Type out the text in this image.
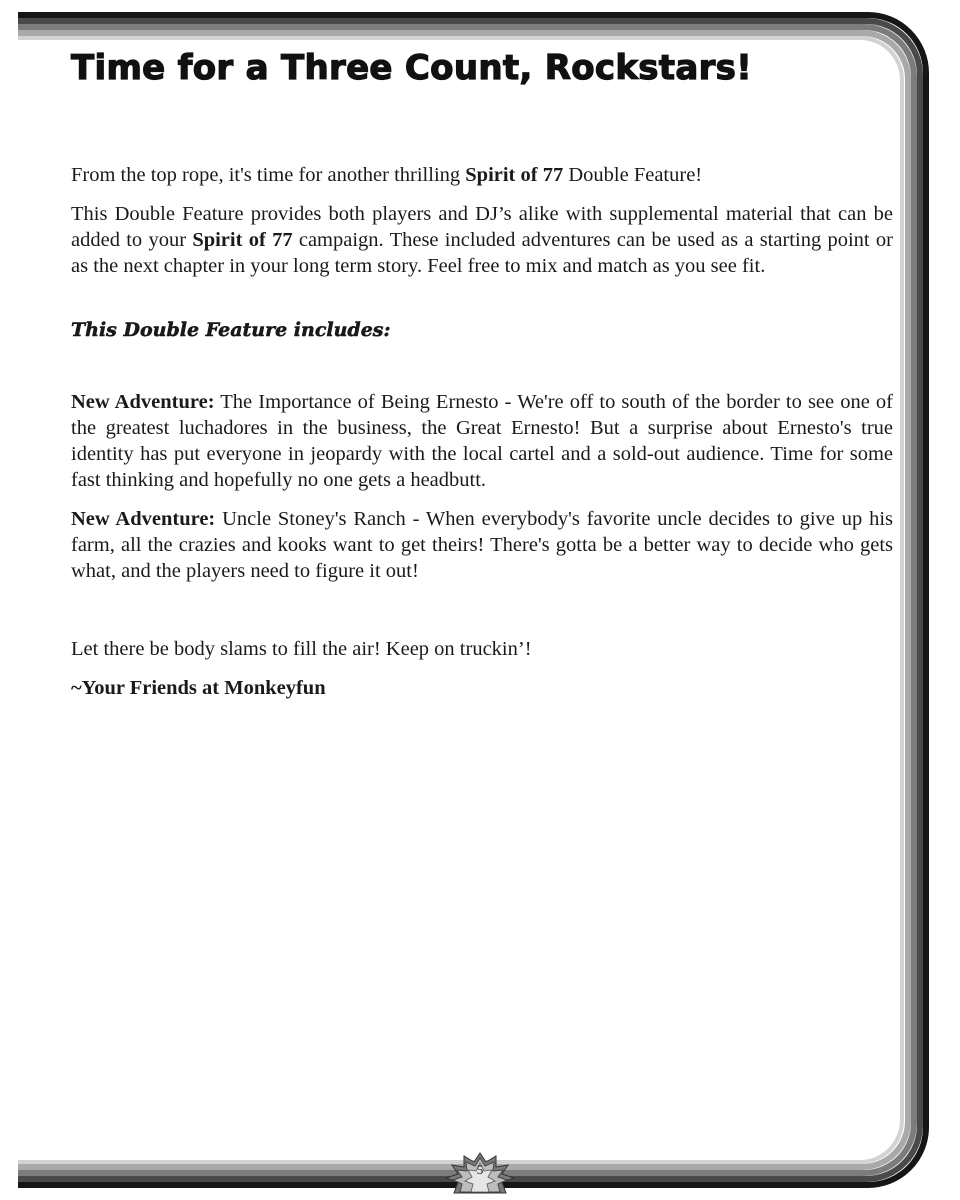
5
Time for a Three Count, Rockstars!

From the top rope, it's time for another thrilling Spirit of 77 Double Feature!

This Double Feature provides both players and DJ’s alike with supplemental material that can be added to your Spirit of 77 campaign. These included adventures can be used as a starting point or as the next chapter in your long term story. Feel free to mix and match as you see fit.

This Double Feature includes:

New Adventure: The Importance of Being Ernesto - We're off to south of the border to see one of the greatest luchadores in the business, the Great Ernesto! But a surprise about Ernesto's true identity has put everyone in jeopardy with the local cartel and a sold-out audience. Time for some fast thinking and hopefully no one gets a headbutt.

New Adventure: Uncle Stoney's Ranch - When everybody's favorite uncle decides to give up his farm, all the crazies and kooks want to get theirs! There's gotta be a better way to decide who gets what, and the players need to figure it out!

Let there be body slams to fill the air! Keep on truckin’!

~Your Friends at Monkeyfun
